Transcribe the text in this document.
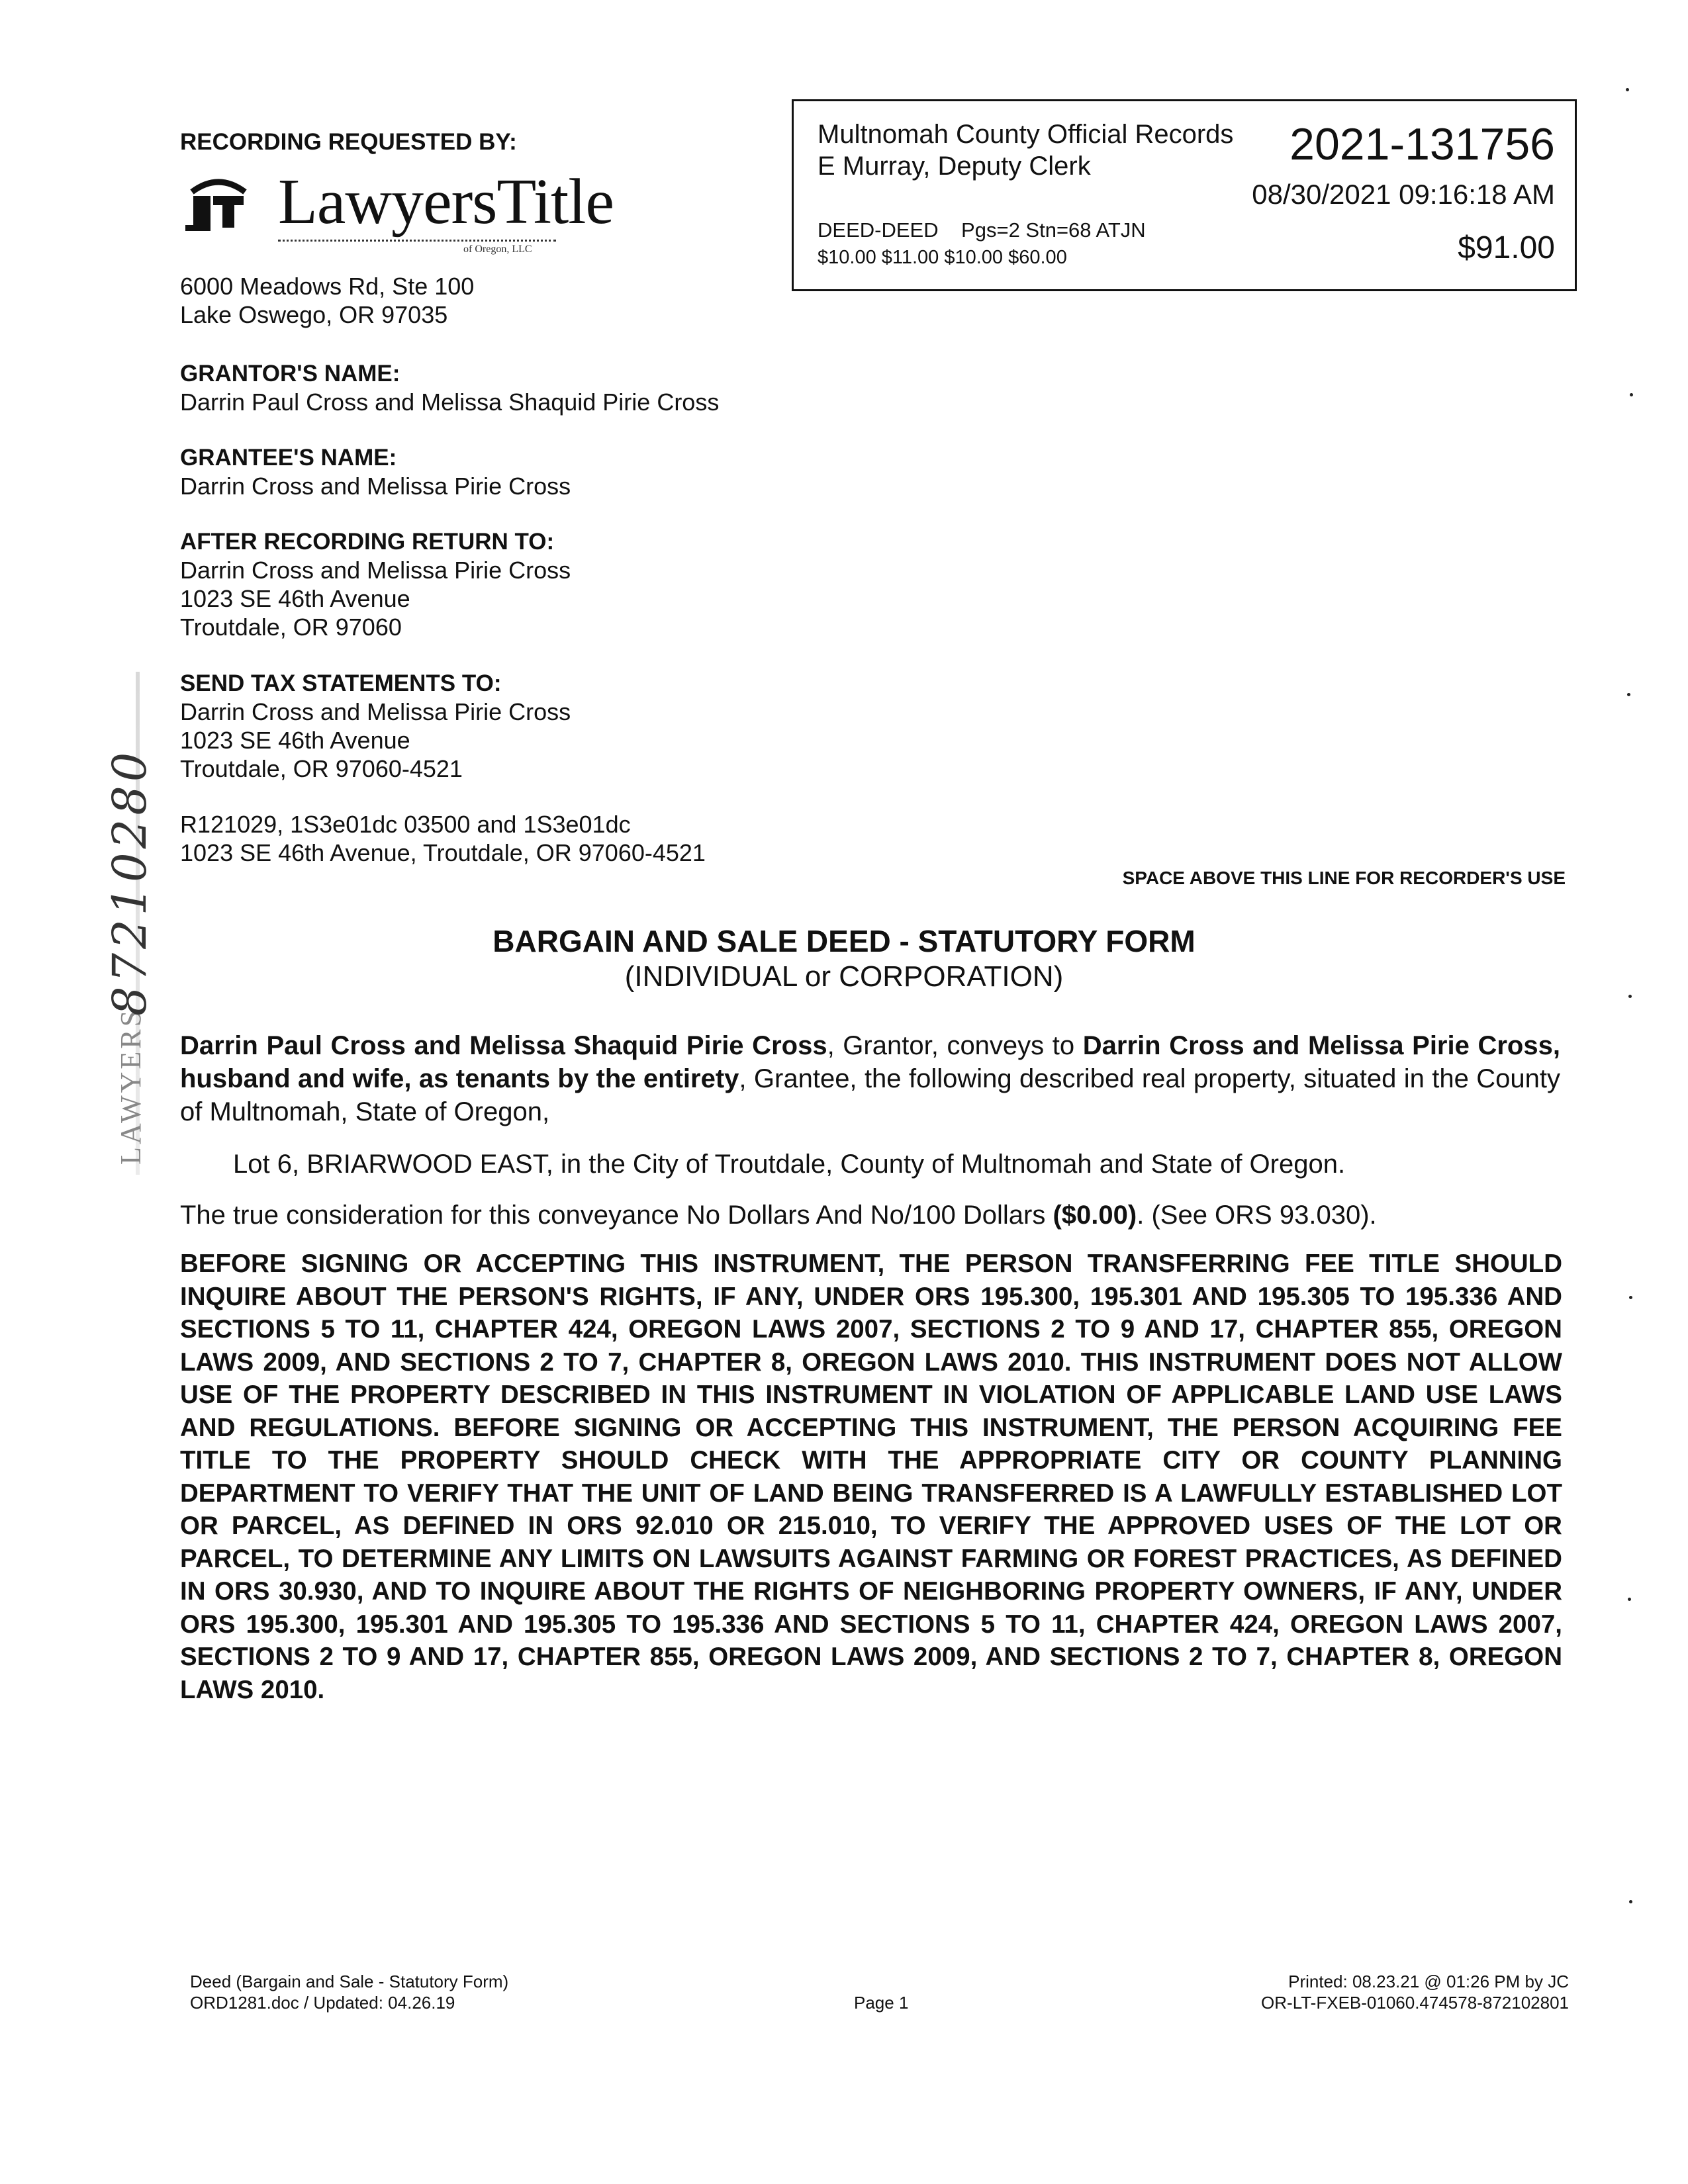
Multnomah County Official Records
E Murray, Deputy Clerk	2021-131756
08/30/2021 09:16:18 AM
DEED-DEED Pgs=2 Stn=68 ATJN
$10.00 $11.00 $10.00 $60.00	$91.00
RECORDING REQUESTED BY:
LawyersTitle
of Oregon, LLC
6000 Meadows Rd, Ste 100
Lake Oswego, OR 97035
GRANTOR'S NAME:
Darrin Paul Cross and Melissa Shaquid Pirie Cross
GRANTEE'S NAME:
Darrin Cross and Melissa Pirie Cross
AFTER RECORDING RETURN TO:
Darrin Cross and Melissa Pirie Cross
1023 SE 46th Avenue
Troutdale, OR 97060
SEND TAX STATEMENTS TO:
Darrin Cross and Melissa Pirie Cross
1023 SE 46th Avenue
Troutdale, OR 97060-4521
R121029, 1S3e01dc 03500 and 1S3e01dc
1023 SE 46th Avenue, Troutdale, OR 97060-4521
LAWYERS
87210280	SPACE ABOVE THIS LINE FOR RECORDER'S USE
BARGAIN AND SALE DEED - STATUTORY FORM
(INDIVIDUAL or CORPORATION)
Darrin Paul Cross and Melissa Shaquid Pirie Cross, Grantor, conveys to Darrin Cross and Melissa Pirie Cross, husband and wife, as tenants by the entirety, Grantee, the following described real property, situated in the County of Multnomah, State of Oregon,
Lot 6, BRIARWOOD EAST, in the City of Troutdale, County of Multnomah and State of Oregon.
The true consideration for this conveyance No Dollars And No/100 Dollars ($0.00). (See ORS 93.030).
BEFORE SIGNING OR ACCEPTING THIS INSTRUMENT, THE PERSON TRANSFERRING FEE TITLE SHOULD INQUIRE ABOUT THE PERSON'S RIGHTS, IF ANY, UNDER ORS 195.300, 195.301 AND 195.305 TO 195.336 AND SECTIONS 5 TO 11, CHAPTER 424, OREGON LAWS 2007, SECTIONS 2 TO 9 AND 17, CHAPTER 855, OREGON LAWS 2009, AND SECTIONS 2 TO 7, CHAPTER 8, OREGON LAWS 2010. THIS INSTRUMENT DOES NOT ALLOW USE OF THE PROPERTY DESCRIBED IN THIS INSTRUMENT IN VIOLATION OF APPLICABLE LAND USE LAWS AND REGULATIONS. BEFORE SIGNING OR ACCEPTING THIS INSTRUMENT, THE PERSON ACQUIRING FEE TITLE TO THE PROPERTY SHOULD CHECK WITH THE APPROPRIATE CITY OR COUNTY PLANNING DEPARTMENT TO VERIFY THAT THE UNIT OF LAND BEING TRANSFERRED IS A LAWFULLY ESTABLISHED LOT OR PARCEL, AS DEFINED IN ORS 92.010 OR 215.010, TO VERIFY THE APPROVED USES OF THE LOT OR PARCEL, TO DETERMINE ANY LIMITS ON LAWSUITS AGAINST FARMING OR FOREST PRACTICES, AS DEFINED IN ORS 30.930, AND TO INQUIRE ABOUT THE RIGHTS OF NEIGHBORING PROPERTY OWNERS, IF ANY, UNDER ORS 195.300, 195.301 AND 195.305 TO 195.336 AND SECTIONS 5 TO 11, CHAPTER 424, OREGON LAWS 2007, SECTIONS 2 TO 9 AND 17, CHAPTER 855, OREGON LAWS 2009, AND SECTIONS 2 TO 7, CHAPTER 8, OREGON LAWS 2010.
Deed (Bargain and Sale - Statutory Form)
ORD1281.doc / Updated: 04.26.19	Page 1
Printed: 08.23.21 @ 01:26 PM by JC
OR-LT-FXEB-01060.474578-872102801
